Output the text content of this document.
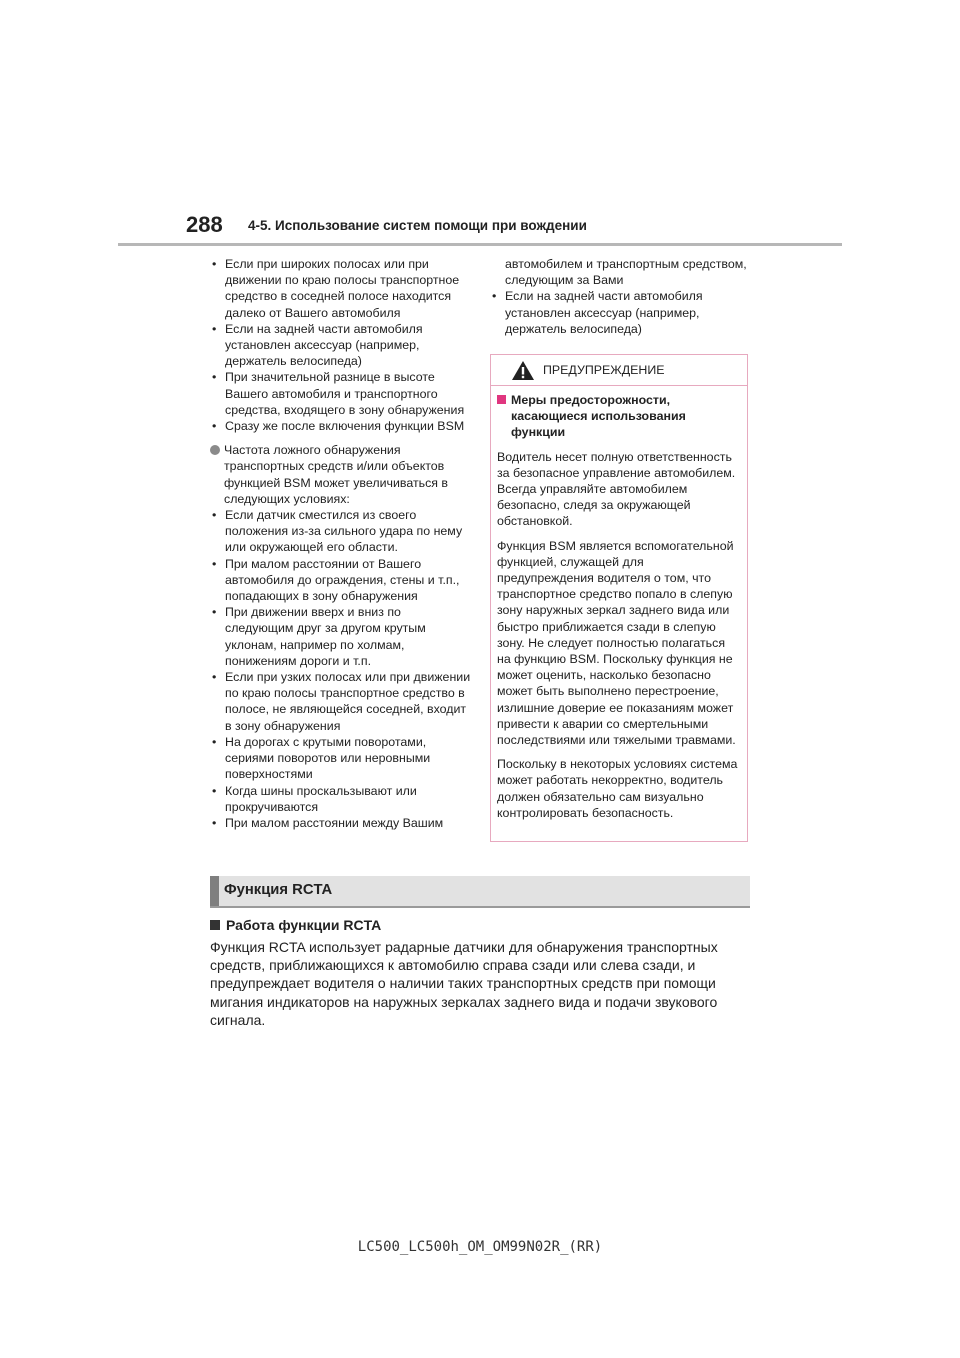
288 4-5. Использование систем помощи при вождении
• Если при широких полосах или при движении по краю полосы транспортное средство в соседней полосе находится далеко от Вашего автомобиля
• Если на задней части автомобиля установлен аксессуар (например, держатель велосипеда)
• При значительной разнице в высоте Вашего автомобиля и транспортного средства, входящего в зону обнаружения
• Сразу же после включения функции BSM
Частота ложного обнаружения транспортных средств и/или объектов функцией BSM может увеличиваться в следующих условиях:
• Если датчик сместился из своего положения из-за сильного удара по нему или окружающей его области.
• При малом расстоянии от Вашего автомобиля до ограждения, стены и т.п., попадающих в зону обнаружения
• При движении вверх и вниз по следующим друг за другом крутым уклонам, например по холмам, понижениям дороги и т.п.
• Если при узких полосах или при движении по краю полосы транспортное средство в полосе, не являющейся соседней, входит в зону обнаружения
• На дорогах с крутыми поворотами, сериями поворотов или неровными поверхностями
• Когда шины проскальзывают или прокручиваются
• При малом расстоянии между Вашим
автомобилем и транспортным средством, следующим за Вами
• Если на задней части автомобиля установлен аксессуар (например, держатель велосипеда)
ПРЕДУПРЕЖДЕНИЕ
Меры предосторожности, касающиеся использования функции

Водитель несет полную ответственность за безопасное управление автомобилем. Всегда управляйте автомобилем безопасно, следя за окружающей обстановкой.

Функция BSM является вспомогательной функцией, служащей для предупреждения водителя о том, что транспортное средство попало в слепую зону наружных зеркал заднего вида или быстро приближается сзади в слепую зону. Не следует полностью полагаться на функцию BSM. Поскольку функция не может оценить, насколько безопасно может быть выполнено перестроение, излишние доверие ее показаниям может привести к аварии со смертельными последствиями или тяжелыми травмами.

Поскольку в некоторых условиях система может работать некорректно, водитель должен обязательно сам визуально контролировать безопасность.

Функция RCTA
Работа функции RCTA
Функция RCTA использует радарные датчики для обнаружения транспортных средств, приближающихся к автомобилю справа сзади или слева сзади, и предупреждает водителя о наличии таких транспортных средств при помощи мигания индикаторов на наружных зеркалах заднего вида и подачи звукового сигнала.
LC500_LC500h_OM_OM99N02R_(RR)
